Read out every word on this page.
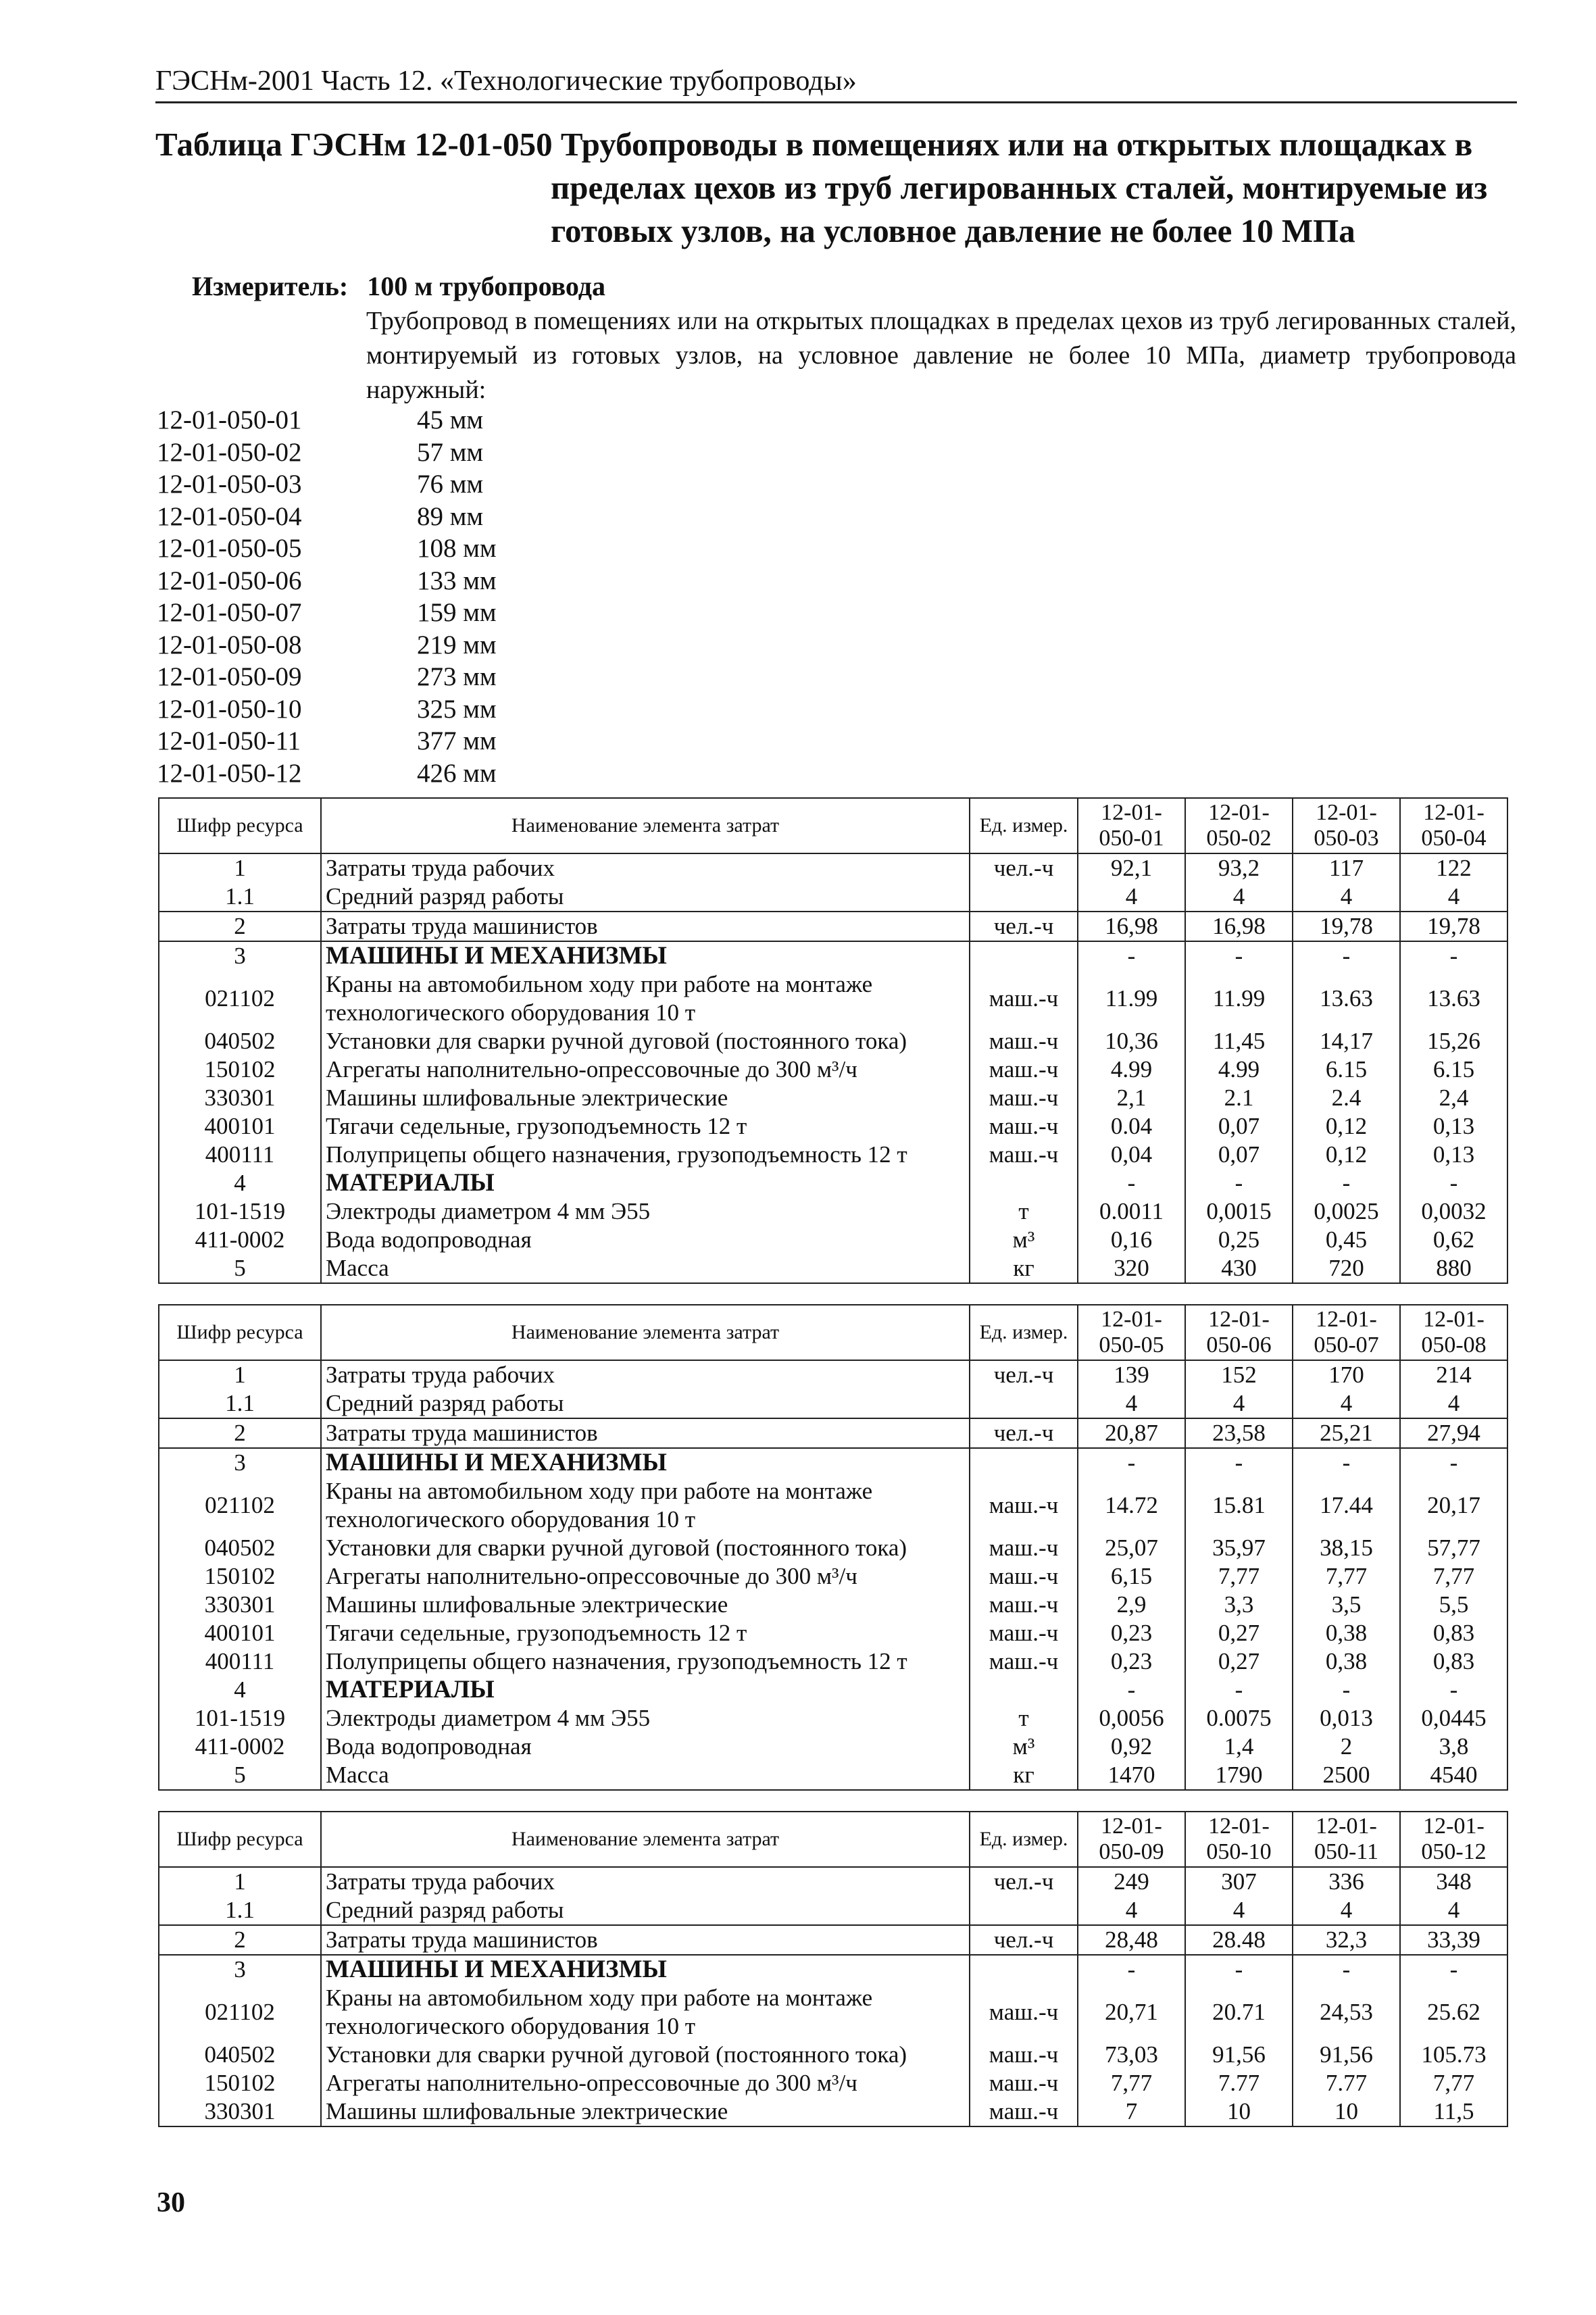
ГЭСНм-2001 Часть 12. «Технологические трубопроводы»
Таблица ГЭСНм 12-01-050 Трубопроводы в помещениях или на открытых площадках в
пределах цехов из труб легированных сталей, монтируемые из готовых узлов, на условное давление не более 10 МПа
Измеритель: 100 м трубопровода
Трубопровод в помещениях или на открытых площадках в пределах цехов из труб легированных сталей, монтируемый из готовых узлов, на условное давление не более 10 МПа, диаметр трубопровода наружный:
12-01-050-01	45 мм
12-01-050-02	57 мм
12-01-050-03	76 мм
12-01-050-04	89 мм
12-01-050-05	108 мм
12-01-050-06	133 мм
12-01-050-07	159 мм
12-01-050-08	219 мм
12-01-050-09	273 мм
12-01-050-10	325 мм
12-01-050-11	377 мм
12-01-050-12	426 мм
Шифр ресурса	Наименование элемента затрат	Ед. измер.	12-01-050-01	12-01-050-02	12-01-050-03	12-01-050-04
1	Затраты труда рабочих	чел.-ч	92,1	93,2	117	122
1.1	Средний разряд работы		4	4	4	4
2	Затраты труда машинистов	чел.-ч	16,98	16,98	19,78	19,78
3	МАШИНЫ И МЕХАНИЗМЫ		-	-	-	-
021102	Краны на автомобильном ходу при работе на монтаже технологического оборудования 10 т	маш.-ч	11.99	11.99	13.63	13.63
040502	Установки для сварки ручной дуговой (постоянного тока)	маш.-ч	10,36	11,45	14,17	15,26
150102	Агрегаты наполнительно-опрессовочные до 300 м³/ч	маш.-ч	4.99	4.99	6.15	6.15
330301	Машины шлифовальные электрические	маш.-ч	2,1	2.1	2.4	2,4
400101	Тягачи седельные, грузоподъемность 12 т	маш.-ч	0.04	0,07	0,12	0,13
400111	Полуприцепы общего назначения, грузоподъемность 12 т	маш.-ч	0,04	0,07	0,12	0,13
4	МАТЕРИАЛЫ		-	-	-	-
101-1519	Электроды диаметром 4 мм Э55	т	0.0011	0,0015	0,0025	0,0032
411-0002	Вода водопроводная	м³	0,16	0,25	0,45	0,62
5	Масса	кг	320	430	720	880
Шифр ресурса	Наименование элемента затрат	Ед. измер.	12-01-050-05	12-01-050-06	12-01-050-07	12-01-050-08
1	Затраты труда рабочих	чел.-ч	139	152	170	214
1.1	Средний разряд работы		4	4	4	4
2	Затраты труда машинистов	чел.-ч	20,87	23,58	25,21	27,94
3	МАШИНЫ И МЕХАНИЗМЫ		-	-	-	-
021102	Краны на автомобильном ходу при работе на монтаже технологического оборудования 10 т	маш.-ч	14.72	15.81	17.44	20,17
040502	Установки для сварки ручной дуговой (постоянного тока)	маш.-ч	25,07	35,97	38,15	57,77
150102	Агрегаты наполнительно-опрессовочные до 300 м³/ч	маш.-ч	6,15	7,77	7,77	7,77
330301	Машины шлифовальные электрические	маш.-ч	2,9	3,3	3,5	5,5
400101	Тягачи седельные, грузоподъемность 12 т	маш.-ч	0,23	0,27	0,38	0,83
400111	Полуприцепы общего назначения, грузоподъемность 12 т	маш.-ч	0,23	0,27	0,38	0,83
4	МАТЕРИАЛЫ		-	-	-	-
101-1519	Электроды диаметром 4 мм Э55	т	0,0056	0.0075	0,013	0,0445
411-0002	Вода водопроводная	м³	0,92	1,4	2	3,8
5	Масса	кг	1470	1790	2500	4540
Шифр ресурса	Наименование элемента затрат	Ед. измер.	12-01-050-09	12-01-050-10	12-01-050-11	12-01-050-12
1	Затраты труда рабочих	чел.-ч	249	307	336	348
1.1	Средний разряд работы		4	4	4	4
2	Затраты труда машинистов	чел.-ч	28,48	28.48	32,3	33,39
3	МАШИНЫ И МЕХАНИЗМЫ		-	-	-	-
021102	Краны на автомобильном ходу при работе на монтаже технологического оборудования 10 т	маш.-ч	20,71	20.71	24,53	25.62
040502	Установки для сварки ручной дуговой (постоянного тока)	маш.-ч	73,03	91,56	91,56	105.73
150102	Агрегаты наполнительно-опрессовочные до 300 м³/ч	маш.-ч	7,77	7.77	7.77	7,77
330301	Машины шлифовальные электрические	маш.-ч	7	10	10	11,5
30
